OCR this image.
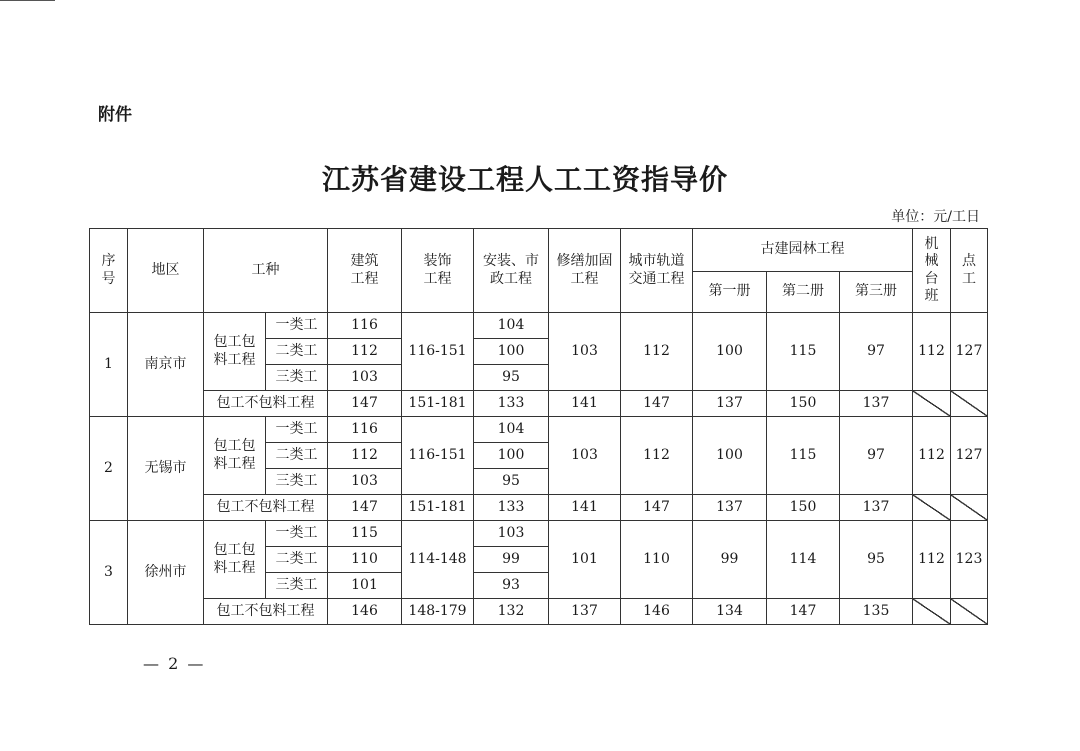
附件
江苏省建设工程人工工资指导价
单位：元/工日
序号	地区	工种		建筑工程	装饰工程	安装、市政工程	修缮加固工程	城市轨道交通工程	古建园林工程			机械台班	点工
									第一册	第二册	第三册		
1	南京市	包工包料工程	一类工	116	116-151	104	103	112	100	115	97	112	127
			二类工	112		100							
			三类工	103		95							
		包工不包料工程		147	151-181	133	141	147	137	150	137		
2	无锡市	包工包料工程	一类工	116	116-151	104	103	112	100	115	97	112	127
			二类工	112		100							
			三类工	103		95							
		包工不包料工程		147	151-181	133	141	147	137	150	137		
3	徐州市	包工包料工程	一类工	115	114-148	103	101	110	99	114	95	112	123
			二类工	110		99							
			三类工	101		93							
		包工不包料工程		146	148-179	132	137	146	134	147	135		
— 2 —
